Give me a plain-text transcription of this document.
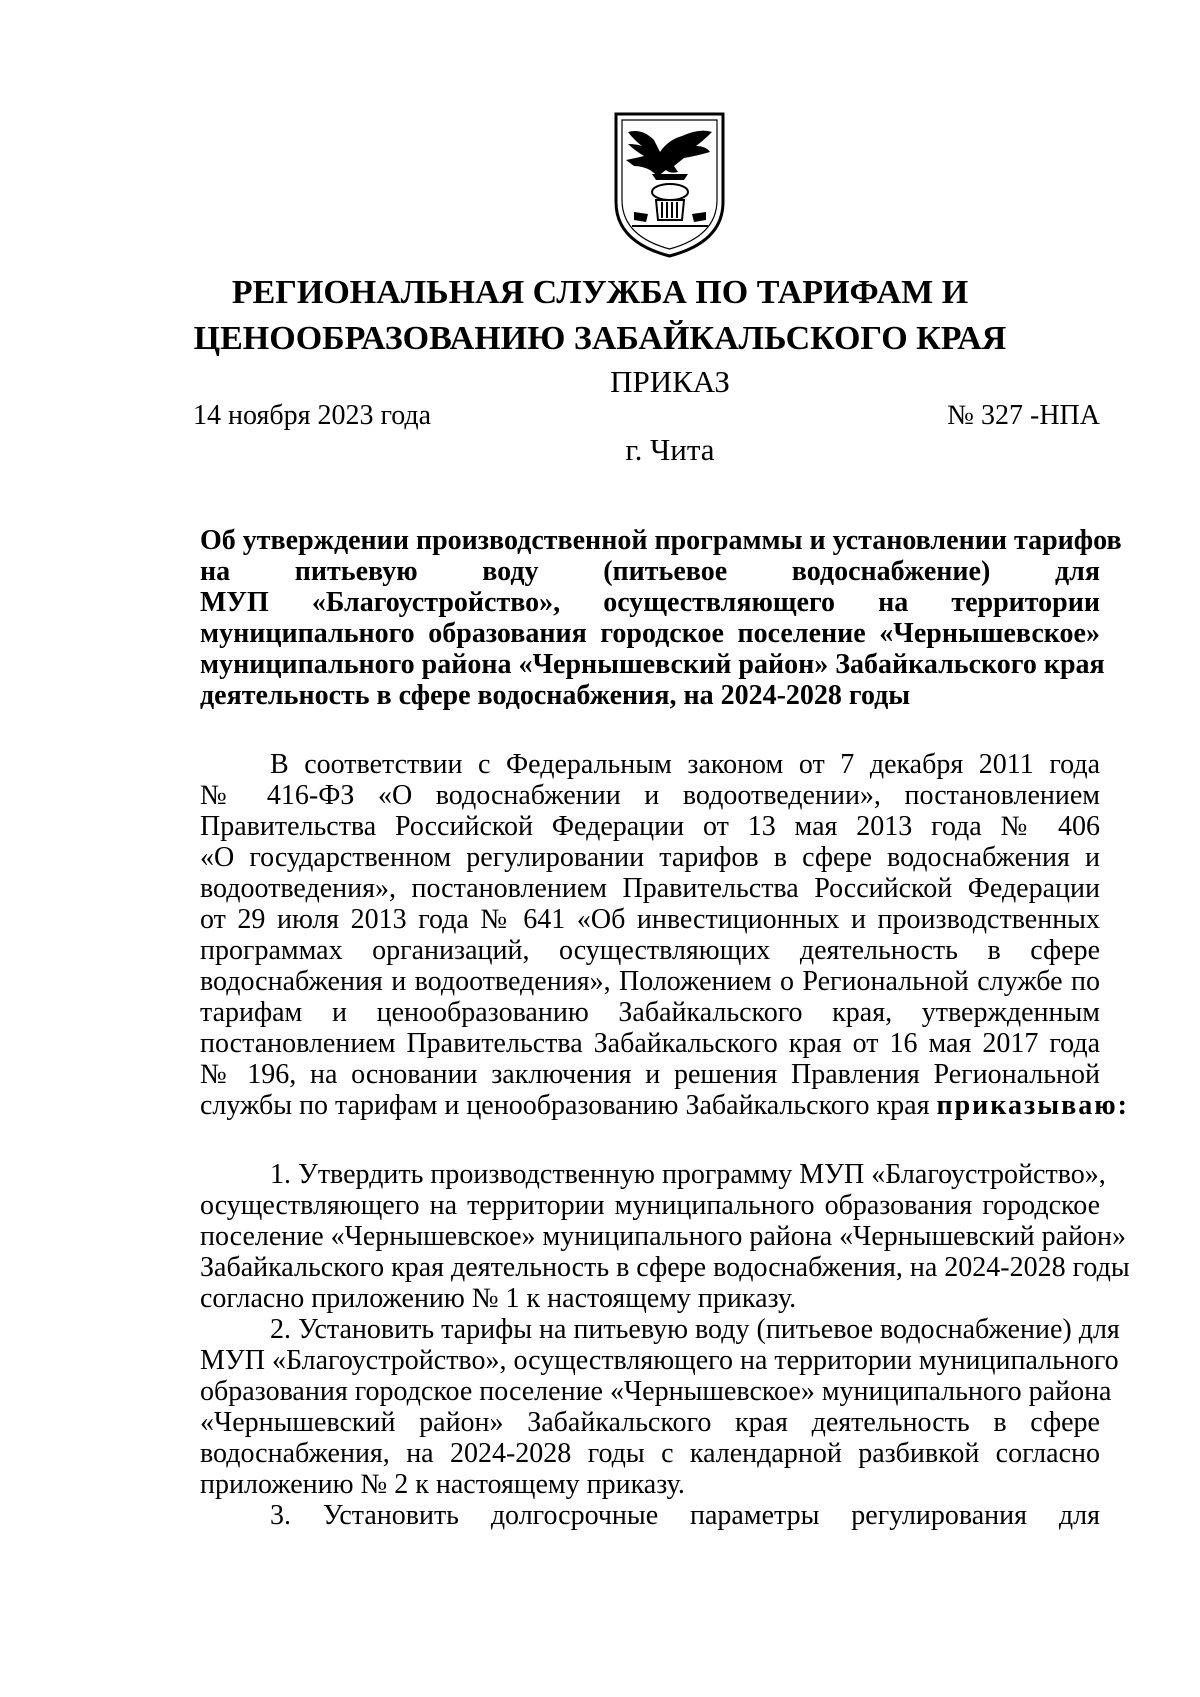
РЕГИОНАЛЬНАЯ СЛУЖБА ПО ТАРИФАМ И
ЦЕНООБРАЗОВАНИЮ ЗАБАЙКАЛЬСКОГО КРАЯ
ПРИКАЗ
14 ноября 2023 года	№ 327 -НПА
г. Чита
Об утверждении производственной программы и установлении тарифов
на питьевую воду (питьевое водоснабжение) для
МУП «Благоустройство», осуществляющего на территории
муниципального образования городское поселение «Чернышевское»
муниципального района «Чернышевский район» Забайкальского края
деятельность в сфере водоснабжения, на 2024-2028 годы
В соответствии с Федеральным законом от 7 декабря 2011 года
№ 416-ФЗ «О водоснабжении и водоотведении», постановлением
Правительства Российской Федерации от 13 мая 2013 года № 406
«О государственном регулировании тарифов в сфере водоснабжения и
водоотведения», постановлением Правительства Российской Федерации
от 29 июля 2013 года № 641 «Об инвестиционных и производственных
программах организаций, осуществляющих деятельность в сфере
водоснабжения и водоотведения», Положением о Региональной службе по
тарифам и ценообразованию Забайкальского края, утвержденным
постановлением Правительства Забайкальского края от 16 мая 2017 года
№ 196, на основании заключения и решения Правления Региональной
службы по тарифам и ценообразованию Забайкальского края приказываю:
1. Утвердить производственную программу МУП «Благоустройство»,
осуществляющего на территории муниципального образования городское
поселение «Чернышевское» муниципального района «Чернышевский район»
Забайкальского края деятельность в сфере водоснабжения, на 2024-2028 годы
согласно приложению № 1 к настоящему приказу.
2. Установить тарифы на питьевую воду (питьевое водоснабжение) для
МУП «Благоустройство», осуществляющего на территории муниципального
образования городское поселение «Чернышевское» муниципального района
«Чернышевский район» Забайкальского края деятельность в сфере
водоснабжения, на 2024-2028 годы с календарной разбивкой согласно
приложению № 2 к настоящему приказу.
3. Установить долгосрочные параметры регулирования для
